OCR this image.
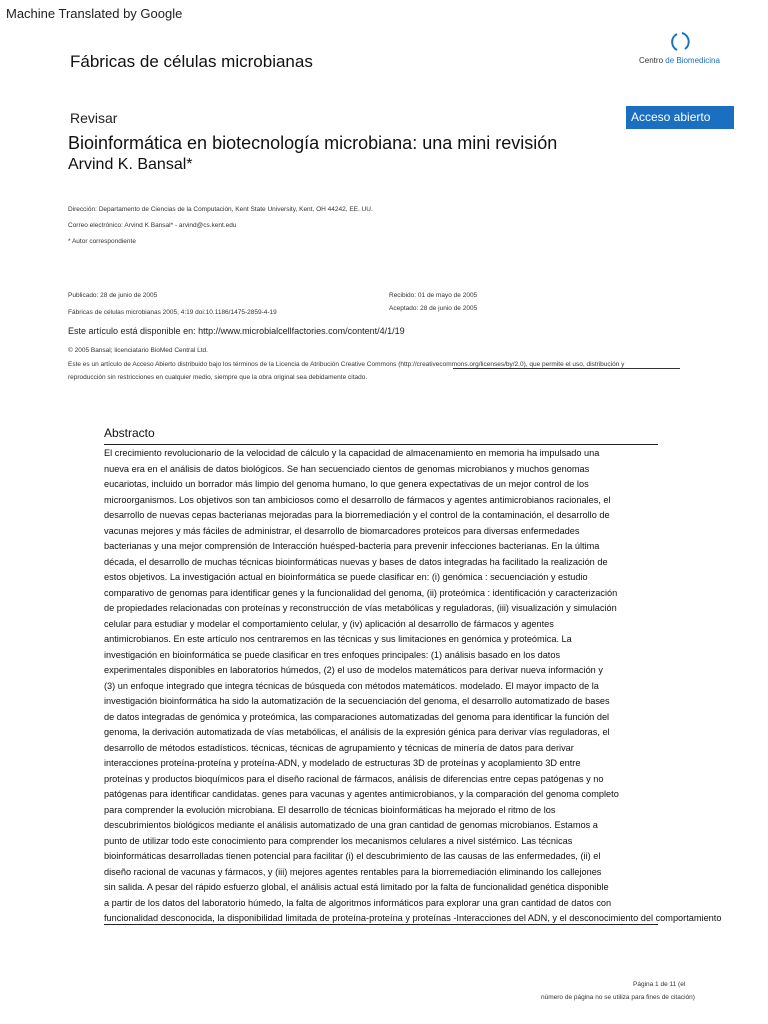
Machine Translated by Google
Fábricas de células microbianas	Centro de Biomedicina
Revisar	Acceso abierto
Bioinformática en biotecnología microbiana: una mini revisión
Arvind K. Bansal*
Dirección: Departamento de Ciencias de la Computación, Kent State University, Kent, OH 44242, EE. UU.
Correo electrónico: Arvind K Bansal* - arvind@cs.kent.edu
* Autor correspondiente
Publicado: 28 de junio de 2005	Recibido: 01 de mayo de 2005
Aceptado: 28 de junio de 2005
Fábricas de células microbianas 2005, 4:19 doi:10.1186/1475-2859-4-19
Este artículo está disponible en: http://www.microbialcellfactories.com/content/4/1/19
© 2005 Bansal; licenciatario BioMed Central Ltd.
Este es un artículo de Acceso Abierto distribuido bajo los términos de la Licencia de Atribución Creative Commons (http://creativecommons.org/licenses/by/2.0), que permite el uso, distribución y
reproducción sin restricciones en cualquier medio, siempre que la obra original sea debidamente citado.
Abstracto
El crecimiento revolucionario de la velocidad de cálculo y la capacidad de almacenamiento en memoria ha impulsado una
nueva era en el análisis de datos biológicos. Se han secuenciado cientos de genomas microbianos y muchos genomas
eucariotas, incluido un borrador más limpio del genoma humano, lo que genera expectativas de un mejor control de los
microorganismos. Los objetivos son tan ambiciosos como el desarrollo de fármacos y agentes antimicrobianos racionales, el
desarrollo de nuevas cepas bacterianas mejoradas para la biorremediación y el control de la contaminación, el desarrollo de
vacunas mejores y más fáciles de administrar, el desarrollo de biomarcadores proteicos para diversas enfermedades
bacterianas y una mejor comprensión de Interacción huésped-bacteria para prevenir infecciones bacterianas. En la última
década, el desarrollo de muchas técnicas bioinformáticas nuevas y bases de datos integradas ha facilitado la realización de
estos objetivos. La investigación actual en bioinformática se puede clasificar en: (i) genómica : secuenciación y estudio
comparativo de genomas para identificar genes y la funcionalidad del genoma, (ii) proteómica : identificación y caracterización
de propiedades relacionadas con proteínas y reconstrucción de vías metabólicas y reguladoras, (iii) visualización y simulación
celular para estudiar y modelar el comportamiento celular, y (iv) aplicación al desarrollo de fármacos y agentes
antimicrobianos. En este artículo nos centraremos en las técnicas y sus limitaciones en genómica y proteómica. La
investigación en bioinformática se puede clasificar en tres enfoques principales: (1) análisis basado en los datos
experimentales disponibles en laboratorios húmedos, (2) el uso de modelos matemáticos para derivar nueva información y
(3) un enfoque integrado que integra técnicas de búsqueda con métodos matemáticos. modelado. El mayor impacto de la
investigación bioinformática ha sido la automatización de la secuenciación del genoma, el desarrollo automatizado de bases
de datos integradas de genómica y proteómica, las comparaciones automatizadas del genoma para identificar la función del
genoma, la derivación automatizada de vías metabólicas, el análisis de la expresión génica para derivar vías reguladoras, el
desarrollo de métodos estadísticos. técnicas, técnicas de agrupamiento y técnicas de minería de datos para derivar
interacciones proteína-proteína y proteína-ADN, y modelado de estructuras 3D de proteínas y acoplamiento 3D entre
proteínas y productos bioquímicos para el diseño racional de fármacos, análisis de diferencias entre cepas patógenas y no
patógenas para identificar candidatas. genes para vacunas y agentes antimicrobianos, y la comparación del genoma completo
para comprender la evolución microbiana. El desarrollo de técnicas bioinformáticas ha mejorado el ritmo de los
descubrimientos biológicos mediante el análisis automatizado de una gran cantidad de genomas microbianos. Estamos a
punto de utilizar todo este conocimiento para comprender los mecanismos celulares a nivel sistémico. Las técnicas
bioinformáticas desarrolladas tienen potencial para facilitar (i) el descubrimiento de las causas de las enfermedades, (ii) el
diseño racional de vacunas y fármacos, y (iii) mejores agentes rentables para la biorremediación eliminando los callejones
sin salida. A pesar del rápido esfuerzo global, el análisis actual está limitado por la falta de funcionalidad genética disponible
a partir de los datos del laboratorio húmedo, la falta de algoritmos informáticos para explorar una gran cantidad de datos con
funcionalidad desconocida, la disponibilidad limitada de proteína-proteína y proteínas -Interacciones del ADN, y el desconocimiento del comportamiento
Página 1 de 11 (el
número de página no se utiliza para fines de citación)
